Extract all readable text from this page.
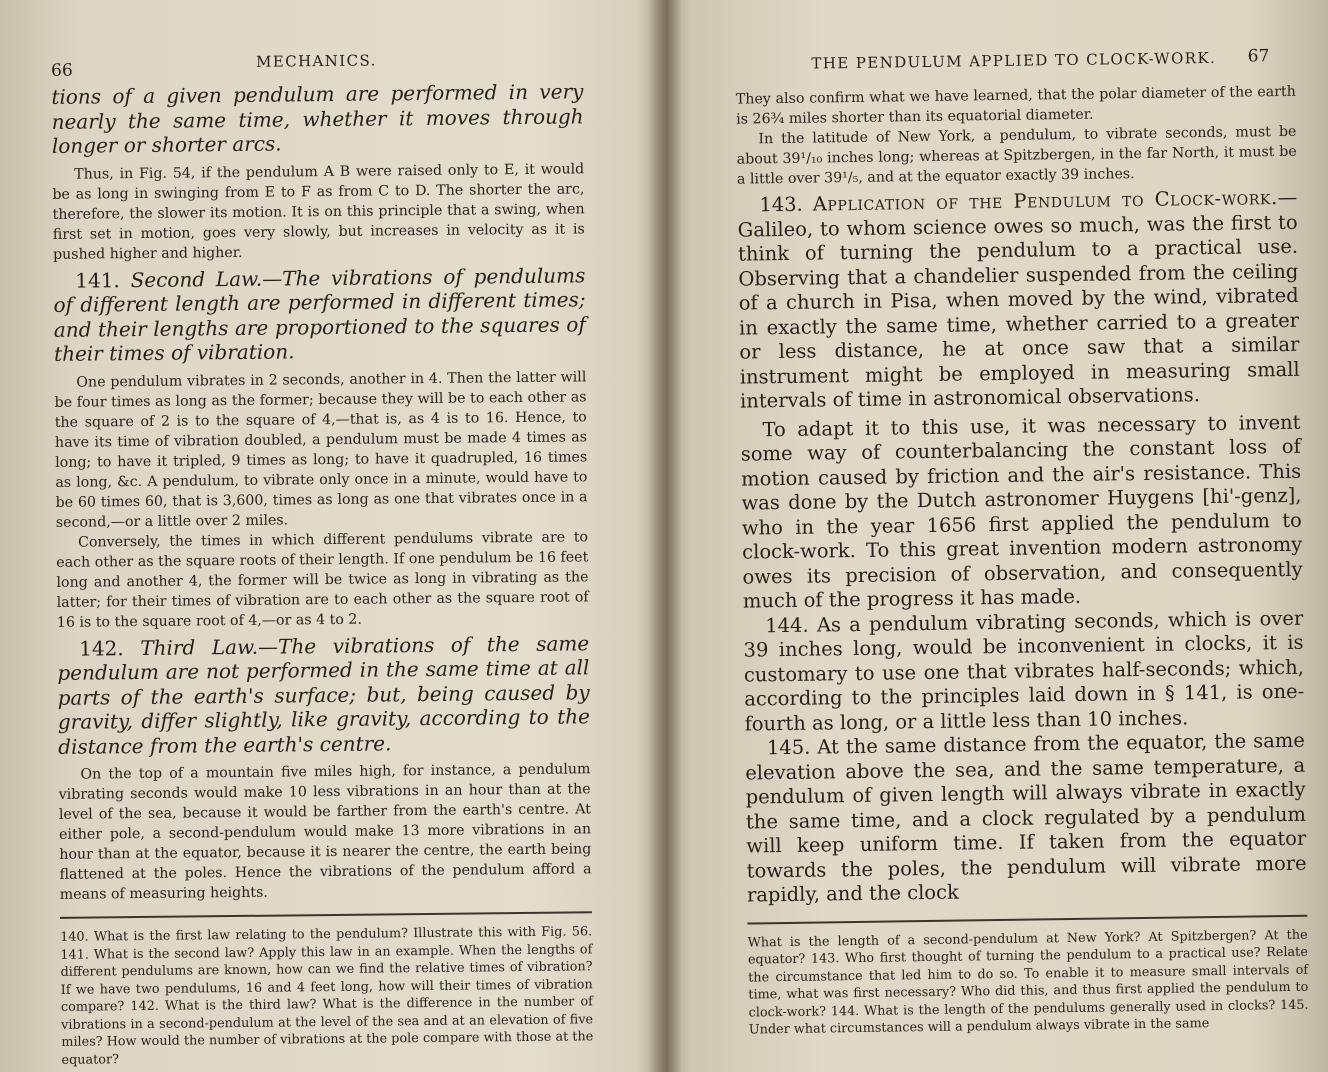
66	MECHANICS.

tions of a given pendulum are performed in very nearly the same time, whether it moves through longer or shorter arcs.

Thus, in Fig. 54, if the pendulum A B were raised only to E, it would be as long in swinging from E to F as from C to D. The shorter the arc, therefore, the slower its motion. It is on this principle that a swing, when first set in motion, goes very slowly, but increases in velocity as it is pushed higher and higher.

141. Second Law.—The vibrations of pendulums of different length are performed in different times; and their lengths are proportioned to the squares of their times of vibration.

One pendulum vibrates in 2 seconds, another in 4. Then the latter will be four times as long as the former; because they will be to each other as the square of 2 is to the square of 4,—that is, as 4 is to 16. Hence, to have its time of vibration doubled, a pendulum must be made 4 times as long; to have it tripled, 9 times as long; to have it quadrupled, 16 times as long, &c. A pendulum, to vibrate only once in a minute, would have to be 60 times 60, that is 3,600, times as long as one that vibrates once in a second,—or a little over 2 miles.

Conversely, the times in which different pendulums vibrate are to each other as the square roots of their length. If one pendulum be 16 feet long and another 4, the former will be twice as long in vibrating as the latter; for their times of vibration are to each other as the square root of 16 is to the square root of 4,—or as 4 to 2.

142. Third Law.—The vibrations of the same pendulum are not performed in the same time at all parts of the earth's surface; but, being caused by gravity, differ slightly, like gravity, according to the distance from the earth's centre.

On the top of a mountain five miles high, for instance, a pendulum vibrating seconds would make 10 less vibrations in an hour than at the level of the sea, because it would be farther from the earth's centre. At either pole, a second-pendulum would make 13 more vibrations in an hour than at the equator, because it is nearer the centre, the earth being flattened at the poles. Hence the vibrations of the pendulum afford a means of measuring heights.

140. What is the first law relating to the pendulum? Illustrate this with Fig. 56. 141. What is the second law? Apply this law in an example. When the lengths of different pendulums are known, how can we find the relative times of vibration? If we have two pendulums, 16 and 4 feet long, how will their times of vibration compare? 142. What is the third law? What is the difference in the number of vibrations in a second-pendulum at the level of the sea and at an elevation of five miles? How would the number of vibrations at the pole compare with those at the equator?

THE PENDULUM APPLIED TO CLOCK-WORK. 67

They also confirm what we have learned, that the polar diameter of the earth is 26¾ miles shorter than its equatorial diameter.

In the latitude of New York, a pendulum, to vibrate seconds, must be about 39¹/₁₀ inches long; whereas at Spitzbergen, in the far North, it must be a little over 39¹/₅, and at the equator exactly 39 inches.

143. Application of the Pendulum to Clock-work.—Galileo, to whom science owes so much, was the first to think of turning the pendulum to a practical use. Observing that a chandelier suspended from the ceiling of a church in Pisa, when moved by the wind, vibrated in exactly the same time, whether carried to a greater or less distance, he at once saw that a similar instrument might be employed in measuring small intervals of time in astronomical observations.

To adapt it to this use, it was necessary to invent some way of counterbalancing the constant loss of motion caused by friction and the air's resistance. This was done by the Dutch astronomer Huygens [hi'-genz], who in the year 1656 first applied the pendulum to clock-work. To this great invention modern astronomy owes its precision of observation, and consequently much of the progress it has made.

144. As a pendulum vibrating seconds, which is over 39 inches long, would be inconvenient in clocks, it is customary to use one that vibrates half-seconds; which, according to the principles laid down in § 141, is one-fourth as long, or a little less than 10 inches.

145. At the same distance from the equator, the same elevation above the sea, and the same temperature, a pendulum of given length will always vibrate in exactly the same time, and a clock regulated by a pendulum will keep uniform time. If taken from the equator towards the poles, the pendulum will vibrate more rapidly, and the clock

What is the length of a second-pendulum at New York? At Spitzbergen? At the equator? 143. Who first thought of turning the pendulum to a practical use? Relate the circumstance that led him to do so. To enable it to measure small intervals of time, what was first necessary? Who did this, and thus first applied the pendulum to clock-work? 144. What is the length of the pendulums generally used in clocks? 145. Under what circumstances will a pendulum always vibrate in the same
